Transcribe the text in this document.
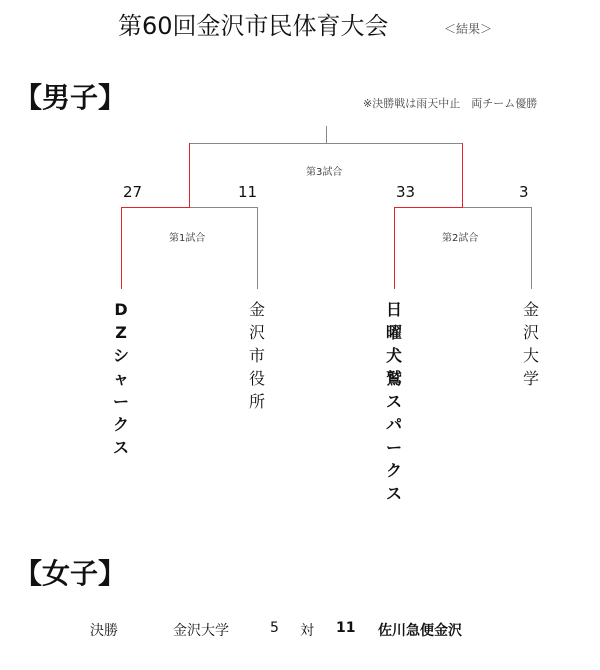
第60回金沢市民体育大会	＜結果＞
【男子】	※決勝戦は雨天中止　両チーム優勝
第3試合
第1試合	第2試合
27	11	33	3
D
Z
シ
ャ
ー
ク
ス
金
沢
市
役
所
日
曜
犬
鷲
ス
パ
ー
ク
ス
金
沢
大
学
【女子】
決勝	金沢大学	5 対 11 佐川急便金沢
